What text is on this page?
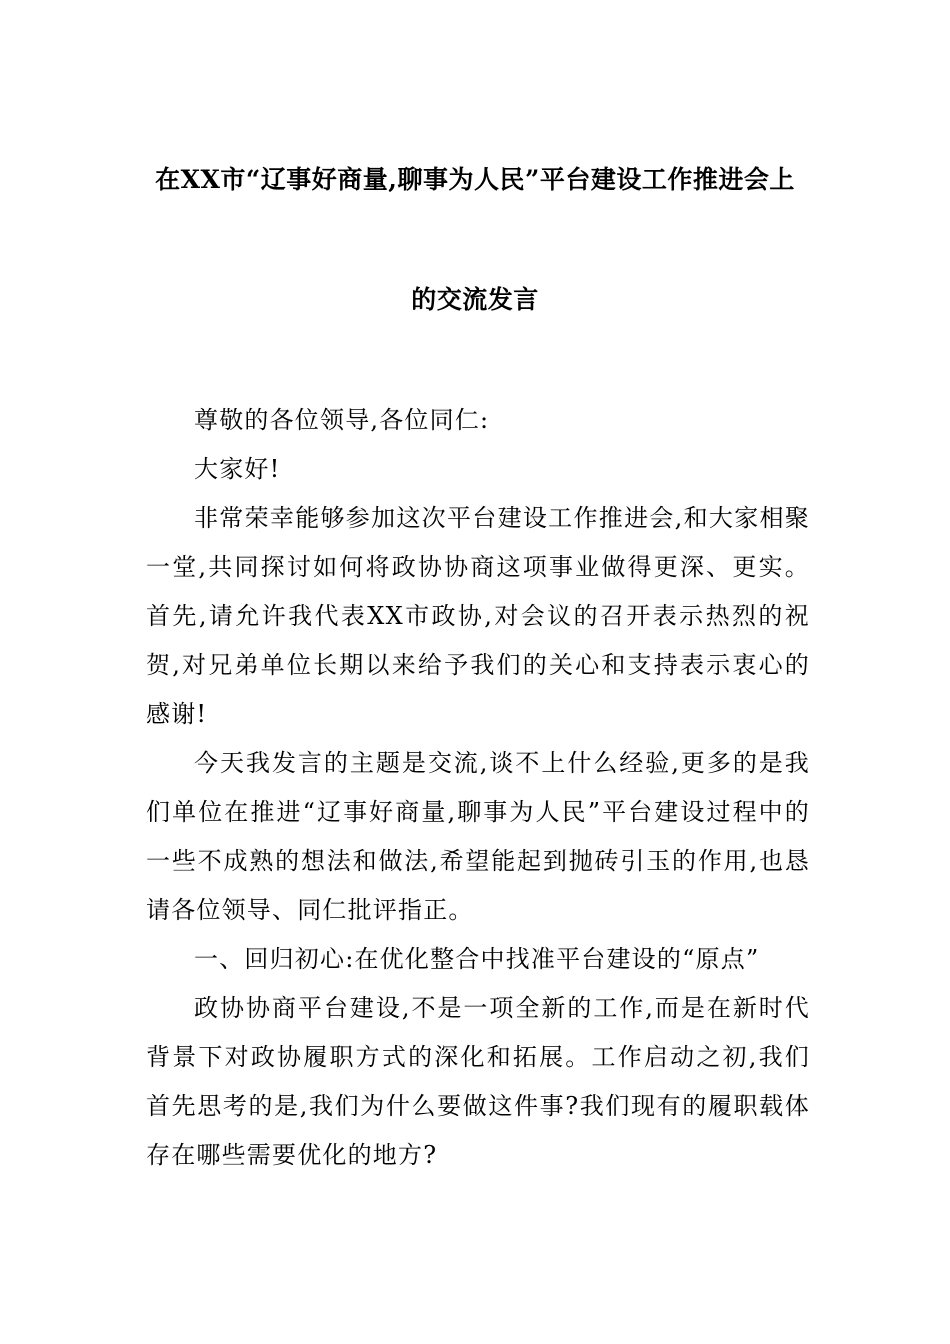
在XX市“辽事好商量,聊事为人民”平台建设工作推进会上
的交流发言

尊敬的各位领导,各位同仁:

大家好!

非常荣幸能够参加这次平台建设工作推进会,和大家相聚一堂,共同探讨如何将政协协商这项事业做得更深、更实。首先,请允许我代表XX市政协,对会议的召开表示热烈的祝贺,对兄弟单位长期以来给予我们的关心和支持表示衷心的感谢!

今天我发言的主题是交流,谈不上什么经验,更多的是我们单位在推进“辽事好商量,聊事为人民”平台建设过程中的一些不成熟的想法和做法,希望能起到抛砖引玉的作用,也恳请各位领导、同仁批评指正。

一、回归初心:在优化整合中找准平台建设的“原点”

政协协商平台建设,不是一项全新的工作,而是在新时代背景下对政协履职方式的深化和拓展。工作启动之初,我们首先思考的是,我们为什么要做这件事?我们现有的履职载体存在哪些需要优化的地方?
